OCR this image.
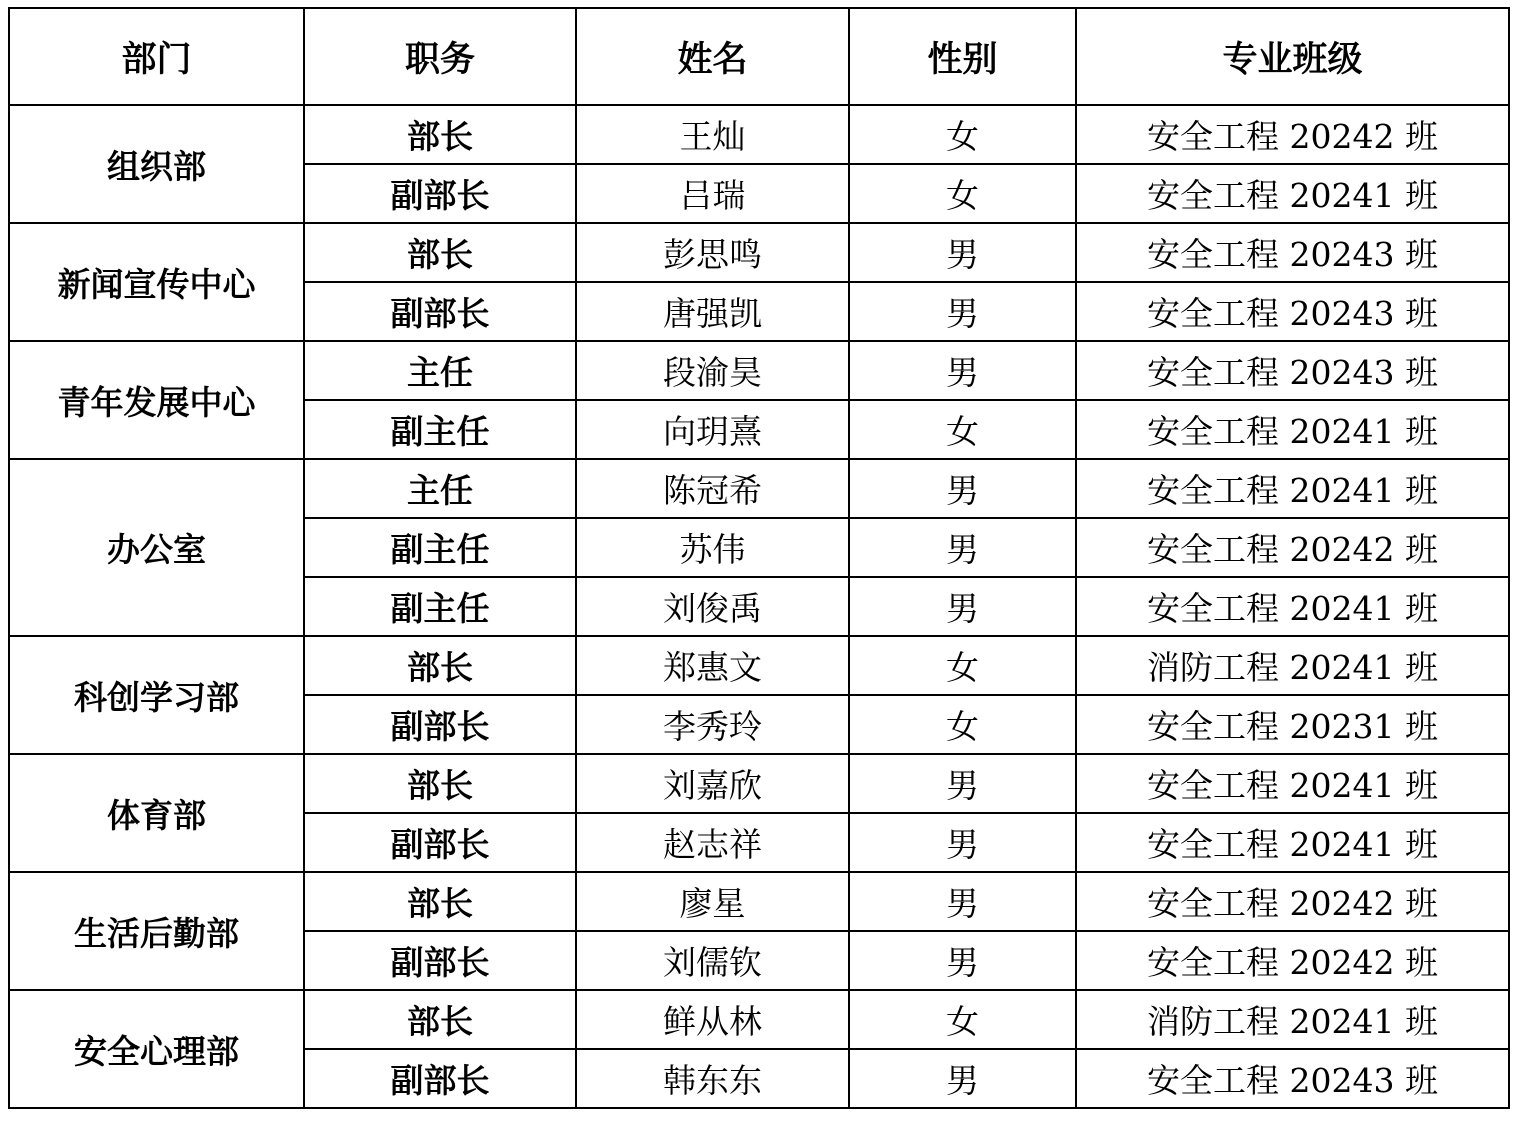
部门	职务	姓名	性别	专业班级
组织部	部长	王灿	女	安全工程 20242 班
	副部长	吕瑞	女	安全工程 20241 班
新闻宣传中心	部长	彭思鸣	男	安全工程 20243 班
	副部长	唐强凯	男	安全工程 20243 班
青年发展中心	主任	段渝昊	男	安全工程 20243 班
	副主任	向玥熹	女	安全工程 20241 班
办公室	主任	陈冠希	男	安全工程 20241 班
	副主任	苏伟	男	安全工程 20242 班
	副主任	刘俊禹	男	安全工程 20241 班
科创学习部	部长	郑惠文	女	消防工程 20241 班
	副部长	李秀玲	女	安全工程 20231 班
体育部	部长	刘嘉欣	男	安全工程 20241 班
	副部长	赵志祥	男	安全工程 20241 班
生活后勤部	部长	廖星	男	安全工程 20242 班
	副部长	刘儒钦	男	安全工程 20242 班
安全心理部	部长	鲜从林	女	消防工程 20241 班
	副部长	韩东东	男	安全工程 20243 班
